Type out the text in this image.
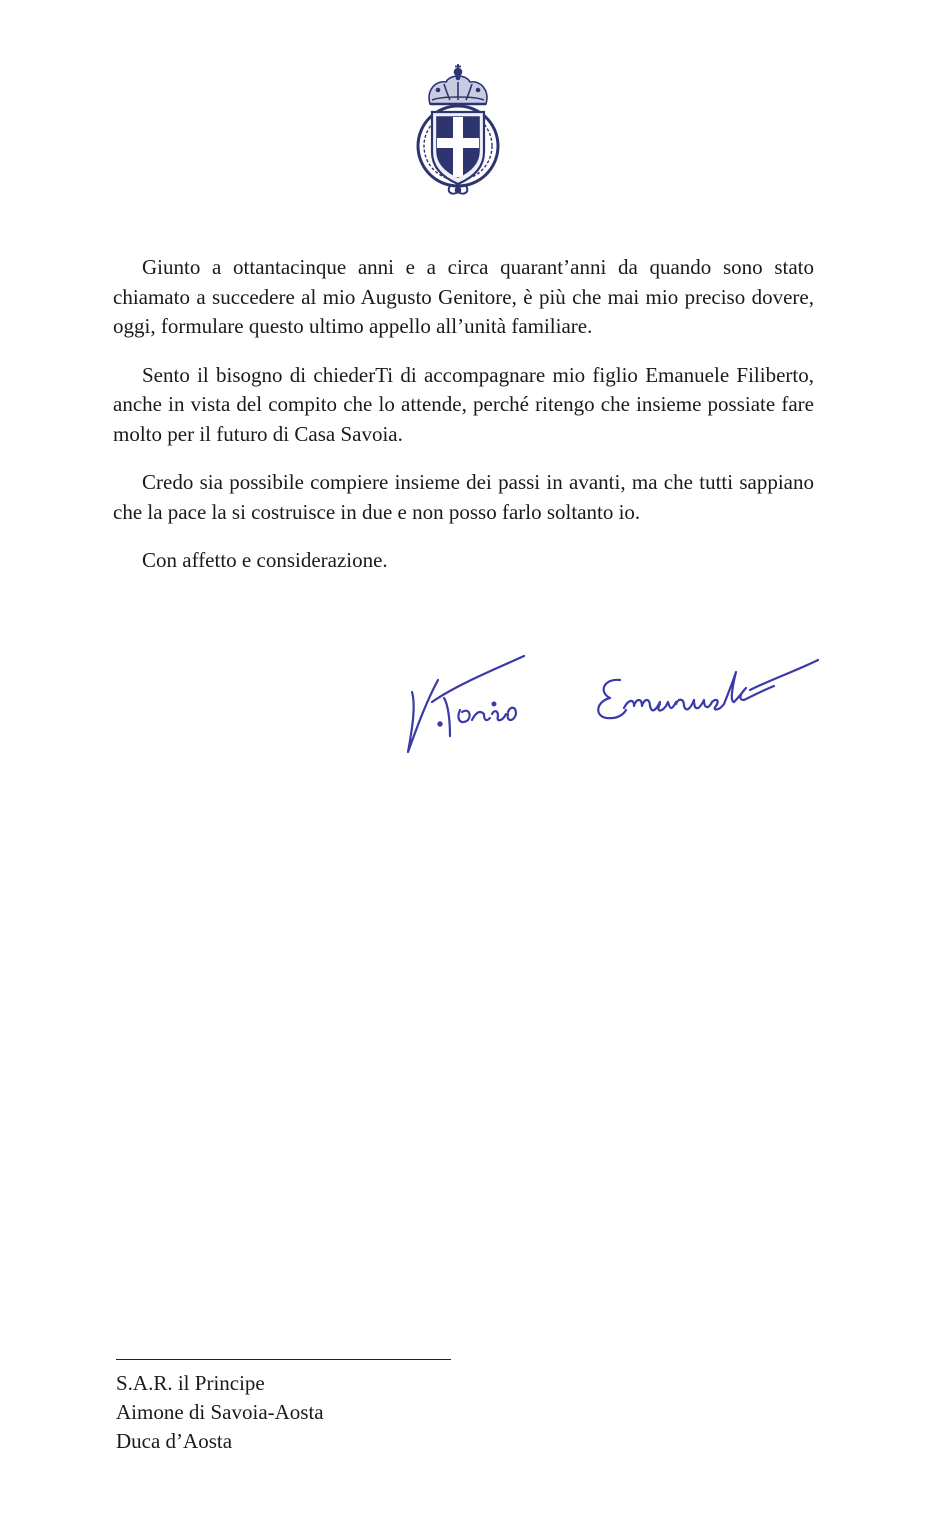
Giunto a ottantacinque anni e a circa quarant’anni da quando sono stato chiamato a succedere al mio Augusto Genitore, è più che mai mio preciso dovere, oggi, formulare questo ultimo appello all’unità familiare.

Sento il bisogno di chiederTi di accompagnare mio figlio Emanuele Filiberto, anche in vista del compito che lo attende, perché ritengo che insieme possiate fare molto per il futuro di Casa Savoia.

Credo sia possibile compiere insieme dei passi in avanti, ma che tutti sappiano che la pace la si costruisce in due e non posso farlo soltanto io.

Con affetto e considerazione.

S.A.R. il Principe
Aimone di Savoia-Aosta
Duca d’Aosta
